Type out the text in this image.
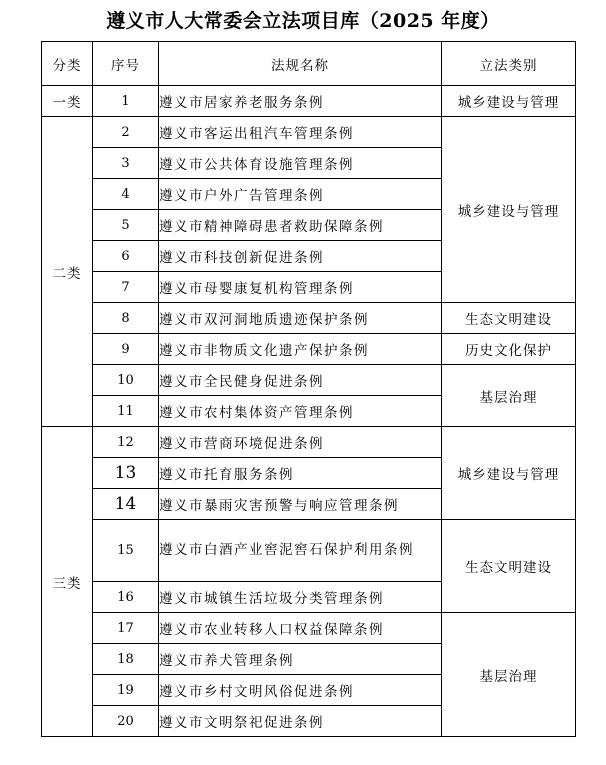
遵义市人大常委会立法项目库（2025 年度）
分类	序号	法规名称	立法类别
一类	1	遵义市居家养老服务条例	城乡建设与管理
二类	2	遵义市客运出租汽车管理条例	城乡建设与管理
	3	遵义市公共体育设施管理条例	
	4	遵义市户外广告管理条例	
	5	遵义市精神障碍患者救助保障条例	
	6	遵义市科技创新促进条例	
	7	遵义市母婴康复机构管理条例	
	8	遵义市双河洞地质遗迹保护条例	生态文明建设
	9	遵义市非物质文化遗产保护条例	历史文化保护
	10	遵义市全民健身促进条例	基层治理
	11	遵义市农村集体资产管理条例	
三类	12	遵义市营商环境促进条例	城乡建设与管理
	13	遵义市托育服务条例	
	14	遵义市暴雨灾害预警与响应管理条例	
	15	遵义市白酒产业窖泥窖石保护利用条例	生态文明建设
	16	遵义市城镇生活垃圾分类管理条例	
	17	遵义市农业转移人口权益保障条例	基层治理
	18	遵义市养犬管理条例	
	19	遵义市乡村文明风俗促进条例	
	20	遵义市文明祭祀促进条例	
